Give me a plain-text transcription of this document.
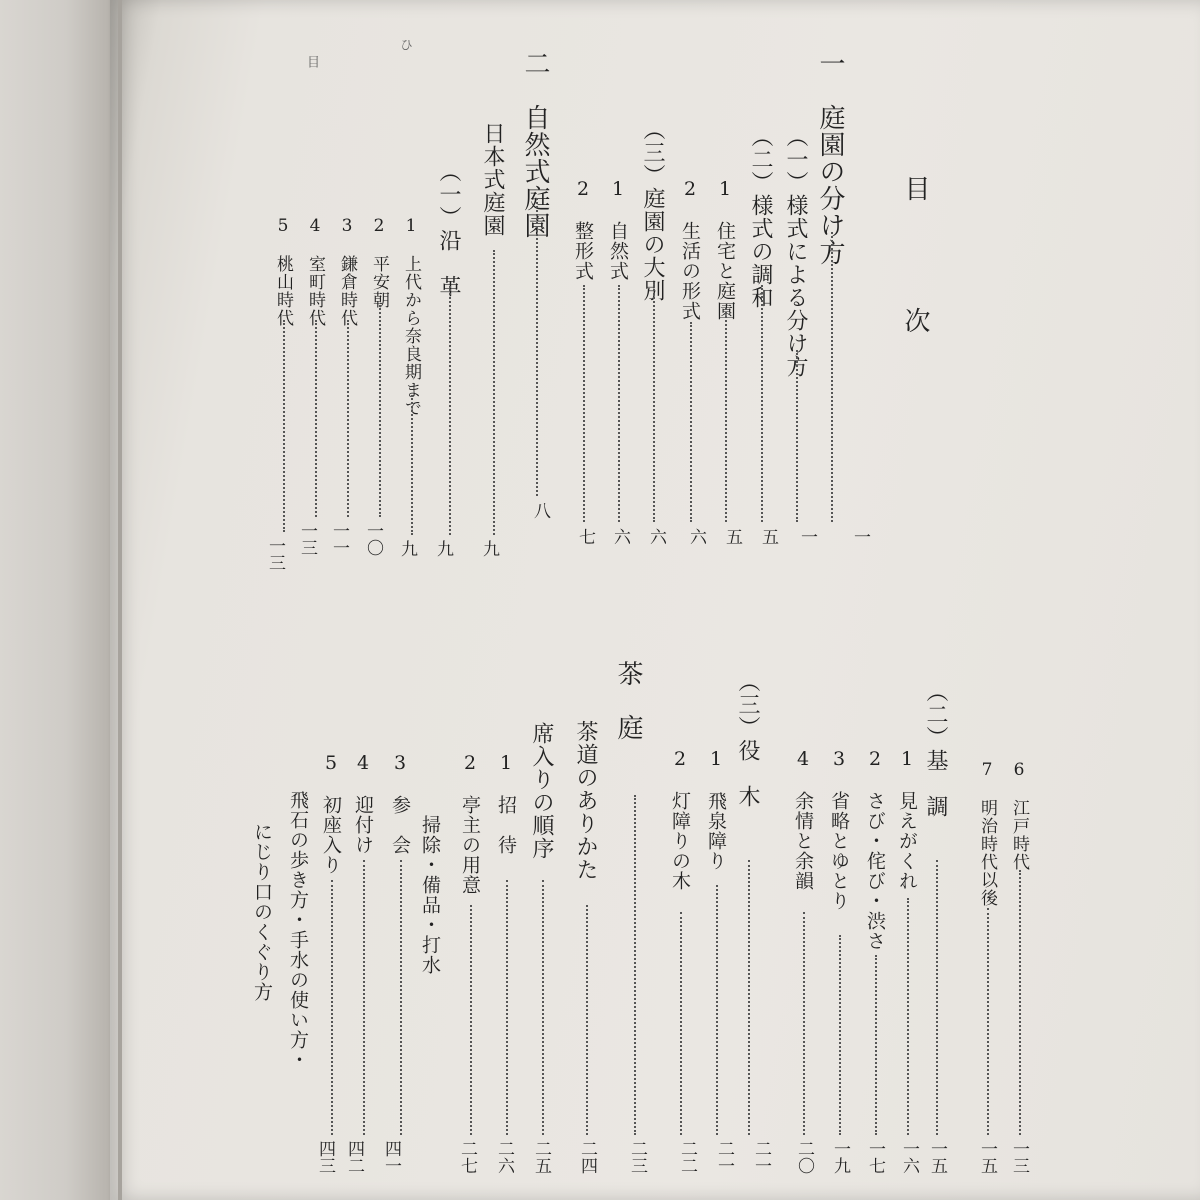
目
ひ
目　次
一　庭園の分け方
一
（一）様式による分け方
一
（二）様式の調和
五
1　住宅と庭園
五
2　生活の形式
六
（三）庭園の大別
六
1　自然式
六
2　整形式
七
二　自然式庭園
八
日本式庭園
九
（一）沿　革
九
1　上代から奈良期まで
九
2　平安朝
一〇
3　鎌倉時代
一一
4　室町時代
一三
5　桃山時代
一三
6　江戸時代
一三
7　明治時代以後
一五
（二）基　調
一五
1　見えがくれ
一六
2　さび・侘び・渋さ
一七
3　省略とゆとり
一九
4　余情と余韻
二〇
（三）役　木
二一
1　飛泉障り
二一
2　灯障りの木
二二
茶　庭
二三
茶道のありかた
二四
席入りの順序
二五
1　招　待
二六
2　亭主の用意
二七
掃除・備品・打水
3　参　会
四一
4　迎付け
四二
5　初座入り
飛石の歩き方・手水の使い方・
四三
にじり口のくぐり方
